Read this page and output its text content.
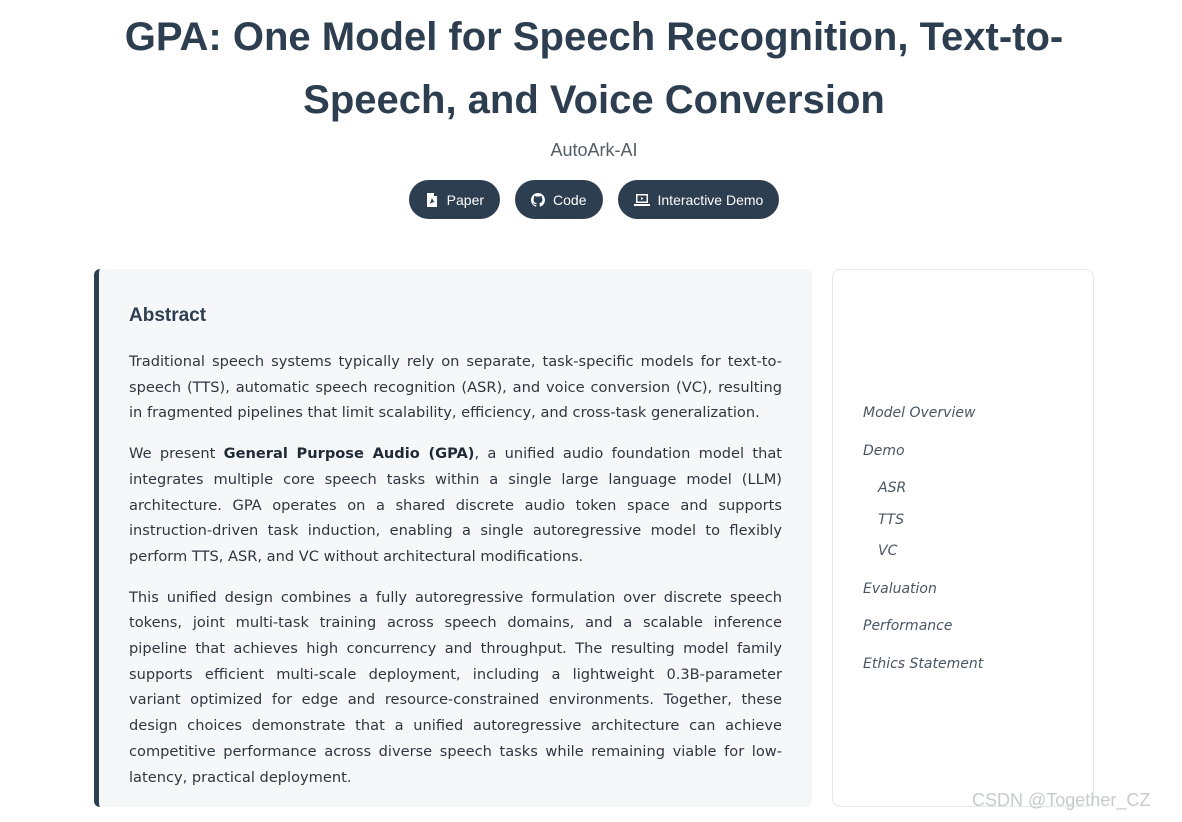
GPA: One Model for Speech Recognition, Text-to-Speech, and Voice Conversion
AutoArk-AI
Paper	Code	Interactive Demo
Abstract

Traditional speech systems typically rely on separate, task-specific models for text-to-speech (TTS), automatic speech recognition (ASR), and voice conversion (VC), resulting in fragmented pipelines that limit scalability, efficiency, and cross-task generalization.

We present General Purpose Audio (GPA), a unified audio foundation model that integrates multiple core speech tasks within a single large language model (LLM) architecture. GPA operates on a shared discrete audio token space and supports instruction-driven task induction, enabling a single autoregressive model to flexibly perform TTS, ASR, and VC without architectural modifications.

This unified design combines a fully autoregressive formulation over discrete speech tokens, joint multi-task training across speech domains, and a scalable inference pipeline that achieves high concurrency and throughput. The resulting model family supports efficient multi-scale deployment, including a lightweight 0.3B-parameter variant optimized for edge and resource-constrained environments. Together, these design choices demonstrate that a unified autoregressive architecture can achieve competitive performance across diverse speech tasks while remaining viable for low-latency, practical deployment.

Model Overview
Demo
ASR
TTS
VC
Evaluation
Performance
Ethics Statement
CSDN @Together_CZ
